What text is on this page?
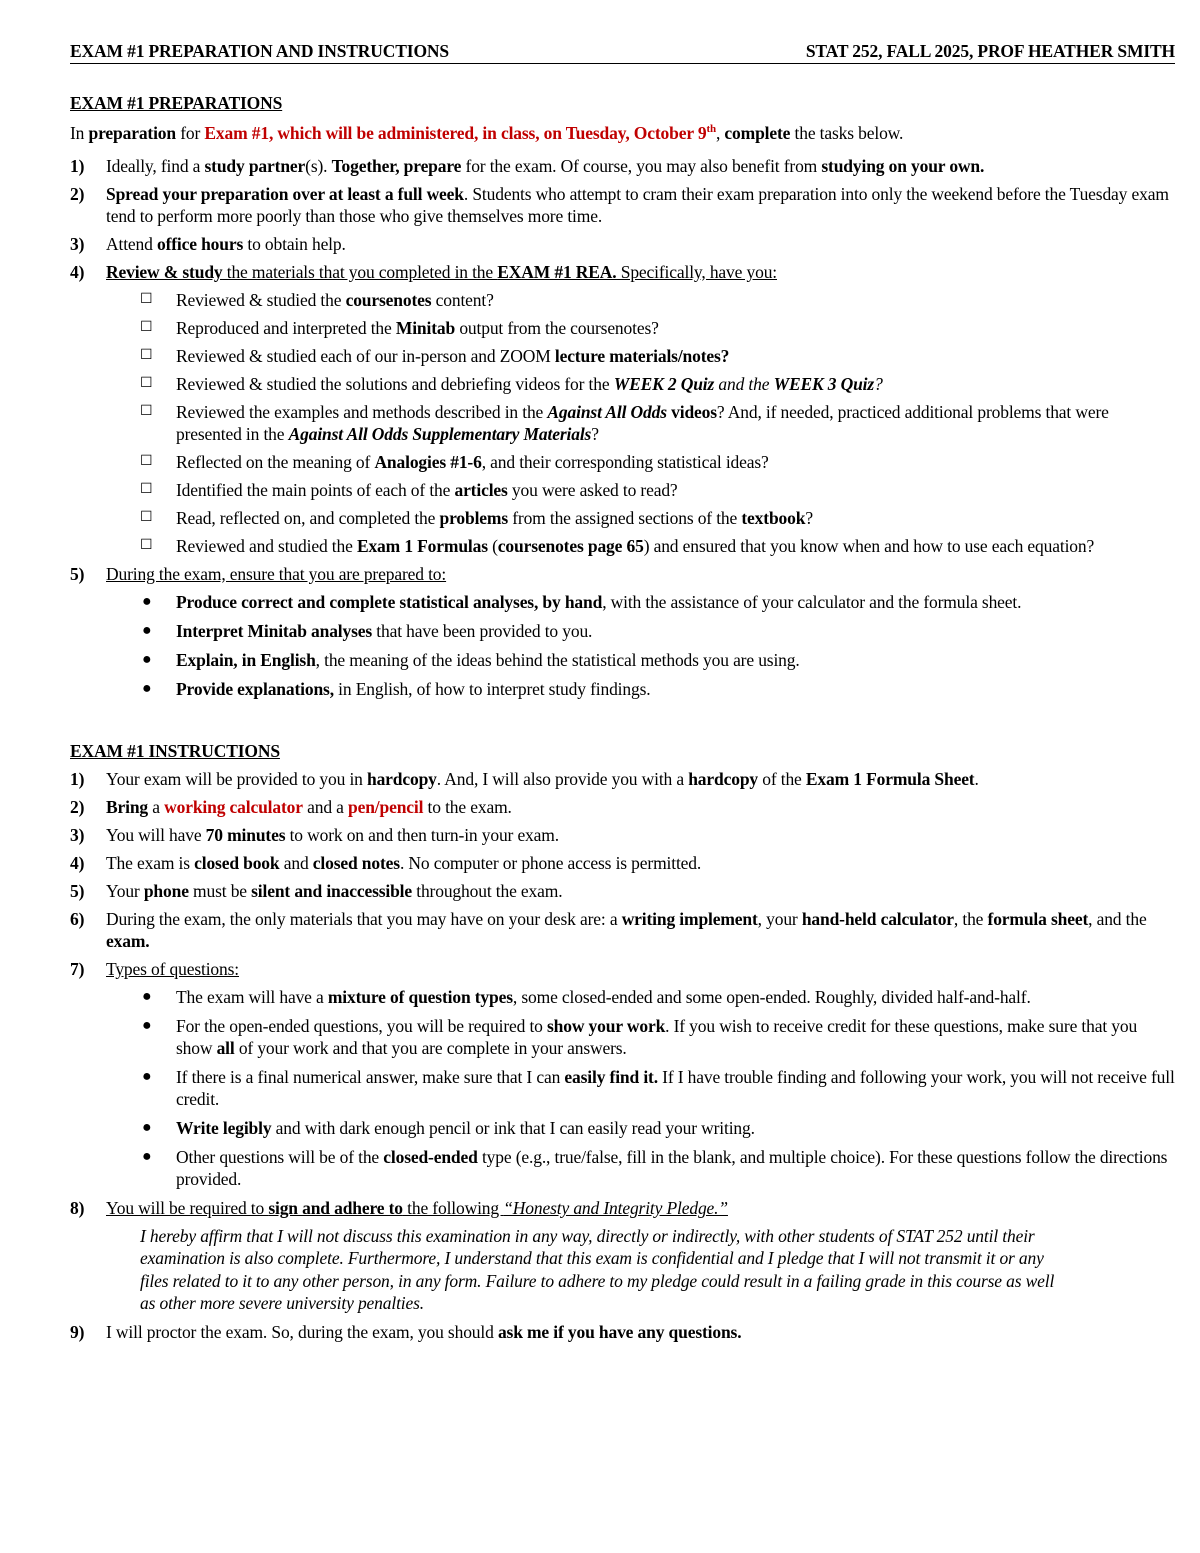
EXAM #1 PREPARATION AND INSTRUCTIONS	STAT 252, FALL 2025, PROF HEATHER SMITH
EXAM #1 PREPARATIONS
In preparation for Exam #1, which will be administered, in class, on Tuesday, October 9th, complete the tasks below.
1) Ideally, find a study partner(s). Together, prepare for the exam. Of course, you may also benefit from studying on your own.
2) Spread your preparation over at least a full week. Students who attempt to cram their exam preparation into only the weekend before the Tuesday exam tend to perform more poorly than those who give themselves more time.
3) Attend office hours to obtain help.
4) Review & study the materials that you completed in the EXAM #1 REA. Specifically, have you:
☐ Reviewed & studied the coursenotes content?
☐ Reproduced and interpreted the Minitab output from the coursenotes?
☐ Reviewed & studied each of our in-person and ZOOM lecture materials/notes?
☐ Reviewed & studied the solutions and debriefing videos for the WEEK 2 Quiz and the WEEK 3 Quiz?
☐ Reviewed the examples and methods described in the Against All Odds videos? And, if needed, practiced additional problems that were presented in the Against All Odds Supplementary Materials?
☐ Reflected on the meaning of Analogies #1-6, and their corresponding statistical ideas?
☐ Identified the main points of each of the articles you were asked to read?
☐ Read, reflected on, and completed the problems from the assigned sections of the textbook?
☐ Reviewed and studied the Exam 1 Formulas (coursenotes page 65) and ensured that you know when and how to use each equation?
5) During the exam, ensure that you are prepared to:
● Produce correct and complete statistical analyses, by hand, with the assistance of your calculator and the formula sheet.
● Interpret Minitab analyses that have been provided to you.
● Explain, in English, the meaning of the ideas behind the statistical methods you are using.
● Provide explanations, in English, of how to interpret study findings.
EXAM #1 INSTRUCTIONS
1) Your exam will be provided to you in hardcopy. And, I will also provide you with a hardcopy of the Exam 1 Formula Sheet.
2) Bring a working calculator and a pen/pencil to the exam.
3) You will have 70 minutes to work on and then turn-in your exam.
4) The exam is closed book and closed notes. No computer or phone access is permitted.
5) Your phone must be silent and inaccessible throughout the exam.
6) During the exam, the only materials that you may have on your desk are: a writing implement, your hand-held calculator, the formula sheet, and the exam.
7) Types of questions:
● The exam will have a mixture of question types, some closed-ended and some open-ended. Roughly, divided half-and-half.
● For the open-ended questions, you will be required to show your work. If you wish to receive credit for these questions, make sure that you show all of your work and that you are complete in your answers.
● If there is a final numerical answer, make sure that I can easily find it. If I have trouble finding and following your work, you will not receive full credit.
● Write legibly and with dark enough pencil or ink that I can easily read your writing.
● Other questions will be of the closed-ended type (e.g., true/false, fill in the blank, and multiple choice). For these questions follow the directions provided.
8) You will be required to sign and adhere to the following “Honesty and Integrity Pledge.”
I hereby affirm that I will not discuss this examination in any way, directly or indirectly, with other students of STAT 252 until their examination is also complete. Furthermore, I understand that this exam is confidential and I pledge that I will not transmit it or any files related to it to any other person, in any form. Failure to adhere to my pledge could result in a failing grade in this course as well as other more severe university penalties.
9) I will proctor the exam. So, during the exam, you should ask me if you have any questions.
